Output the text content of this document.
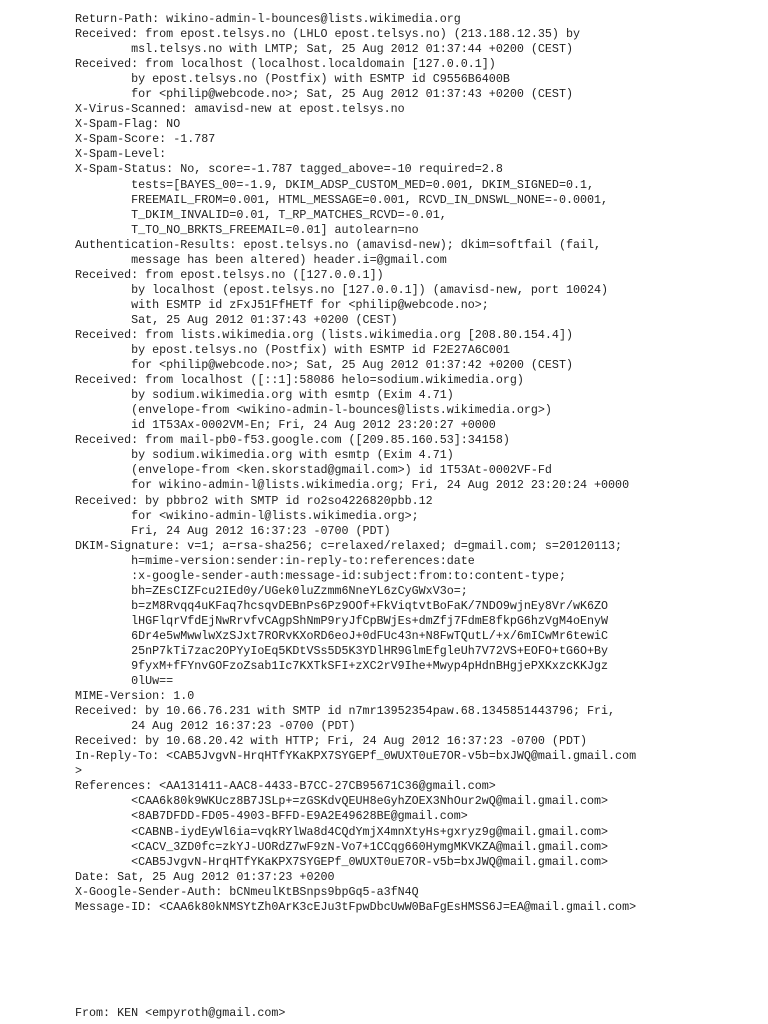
Return-Path: wikino-admin-l-bounces@lists.wikimedia.org
Received: from epost.telsys.no (LHLO epost.telsys.no) (213.188.12.35) by
msl.telsys.no with LMTP; Sat, 25 Aug 2012 01:37:44 +0200 (CEST)
Received: from localhost (localhost.localdomain [127.0.0.1])
by epost.telsys.no (Postfix) with ESMTP id C9556B6400B
for <philip@webcode.no>; Sat, 25 Aug 2012 01:37:43 +0200 (CEST)
X-Virus-Scanned: amavisd-new at epost.telsys.no
X-Spam-Flag: NO
X-Spam-Score: -1.787
X-Spam-Level:
X-Spam-Status: No, score=-1.787 tagged_above=-10 required=2.8
tests=[BAYES_00=-1.9, DKIM_ADSP_CUSTOM_MED=0.001, DKIM_SIGNED=0.1,
FREEMAIL_FROM=0.001, HTML_MESSAGE=0.001, RCVD_IN_DNSWL_NONE=-0.0001,
T_DKIM_INVALID=0.01, T_RP_MATCHES_RCVD=-0.01,
T_TO_NO_BRKTS_FREEMAIL=0.01] autolearn=no
Authentication-Results: epost.telsys.no (amavisd-new); dkim=softfail (fail,
message has been altered) header.i=@gmail.com
Received: from epost.telsys.no ([127.0.0.1])
by localhost (epost.telsys.no [127.0.0.1]) (amavisd-new, port 10024)
with ESMTP id zFxJ51FfHETf for <philip@webcode.no>;
Sat, 25 Aug 2012 01:37:43 +0200 (CEST)
Received: from lists.wikimedia.org (lists.wikimedia.org [208.80.154.4])
by epost.telsys.no (Postfix) with ESMTP id F2E27A6C001
for <philip@webcode.no>; Sat, 25 Aug 2012 01:37:42 +0200 (CEST)
Received: from localhost ([::1]:58086 helo=sodium.wikimedia.org)
by sodium.wikimedia.org with esmtp (Exim 4.71)
(envelope-from <wikino-admin-l-bounces@lists.wikimedia.org>)
id 1T53Ax-0002VM-En; Fri, 24 Aug 2012 23:20:27 +0000
Received: from mail-pb0-f53.google.com ([209.85.160.53]:34158)
by sodium.wikimedia.org with esmtp (Exim 4.71)
(envelope-from <ken.skorstad@gmail.com>) id 1T53At-0002VF-Fd
for wikino-admin-l@lists.wikimedia.org; Fri, 24 Aug 2012 23:20:24 +0000
Received: by pbbro2 with SMTP id ro2so4226820pbb.12
for <wikino-admin-l@lists.wikimedia.org>;
Fri, 24 Aug 2012 16:37:23 -0700 (PDT)
DKIM-Signature: v=1; a=rsa-sha256; c=relaxed/relaxed; d=gmail.com; s=20120113;
h=mime-version:sender:in-reply-to:references:date
:x-google-sender-auth:message-id:subject:from:to:content-type;
bh=ZEsCIZFcu2IEd0y/UGek0luZzmm6NneYL6zCyGWxV3o=;
b=zM8Rvqq4uKFaq7hcsqvDEBnPs6Pz9OOf+FkViqtvtBoFaK/7NDO9wjnEy8Vr/wK6ZO
lHGFlqrVfdEjNwRrvfvCAgpShNmP9ryJfCpBWjEs+dmZfj7FdmE8fkpG6hzVgM4oEnyW
6Dr4e5wMwwlwXzSJxt7RORvKXoRD6eoJ+0dFUc43n+N8FwTQutL/+x/6mICwMr6tewiC
25nP7kTi7zac2OPYyIoEq5KDtVSs5D5K3YDlHR9GlmEfgleUh7V72VS+EOFO+tG6O+By
9fyxM+fFYnvGOFzoZsab1Ic7KXTkSFI+zXC2rV9Ihe+Mwyp4pHdnBHgjePXKxzcKKJgz
0lUw==
MIME-Version: 1.0
Received: by 10.66.76.231 with SMTP id n7mr13952354paw.68.1345851443796; Fri,
24 Aug 2012 16:37:23 -0700 (PDT)
Received: by 10.68.20.42 with HTTP; Fri, 24 Aug 2012 16:37:23 -0700 (PDT)
In-Reply-To: <CAB5JvgvN-HrqHTfYKaKPX7SYGEPf_0WUXT0uE7OR-v5b=bxJWQ@mail.gmail.com
>
References: <AA131411-AAC8-4433-B7CC-27CB95671C36@gmail.com>
<CAA6k80k9WKUcz8B7JSLp+=zGSKdvQEUH8eGyhZOEX3NhOur2wQ@mail.gmail.com>
<8AB7DFDD-FD05-4903-BFFD-E9A2E49628BE@gmail.com>
<CABNB-iydEyWl6ia=vqkRYlWa8d4CQdYmjX4mnXtyHs+gxryz9g@mail.gmail.com>
<CACV_3ZD0fc=zkYJ-UORdZ7wF9zN-Vo7+1CCqg660HymgMKVKZA@mail.gmail.com>
<CAB5JvgvN-HrqHTfYKaKPX7SYGEPf_0WUXT0uE7OR-v5b=bxJWQ@mail.gmail.com>
Date: Sat, 25 Aug 2012 01:37:23 +0200
X-Google-Sender-Auth: bCNmeulKtBSnps9bpGq5-a3fN4Q
Message-ID: <CAA6k80kNMSYtZh0ArK3cEJu3tFpwDbcUwW0BaFgEsHMSS6J=EA@mail.gmail.com>
From: KEN <empyroth@gmail.com>
